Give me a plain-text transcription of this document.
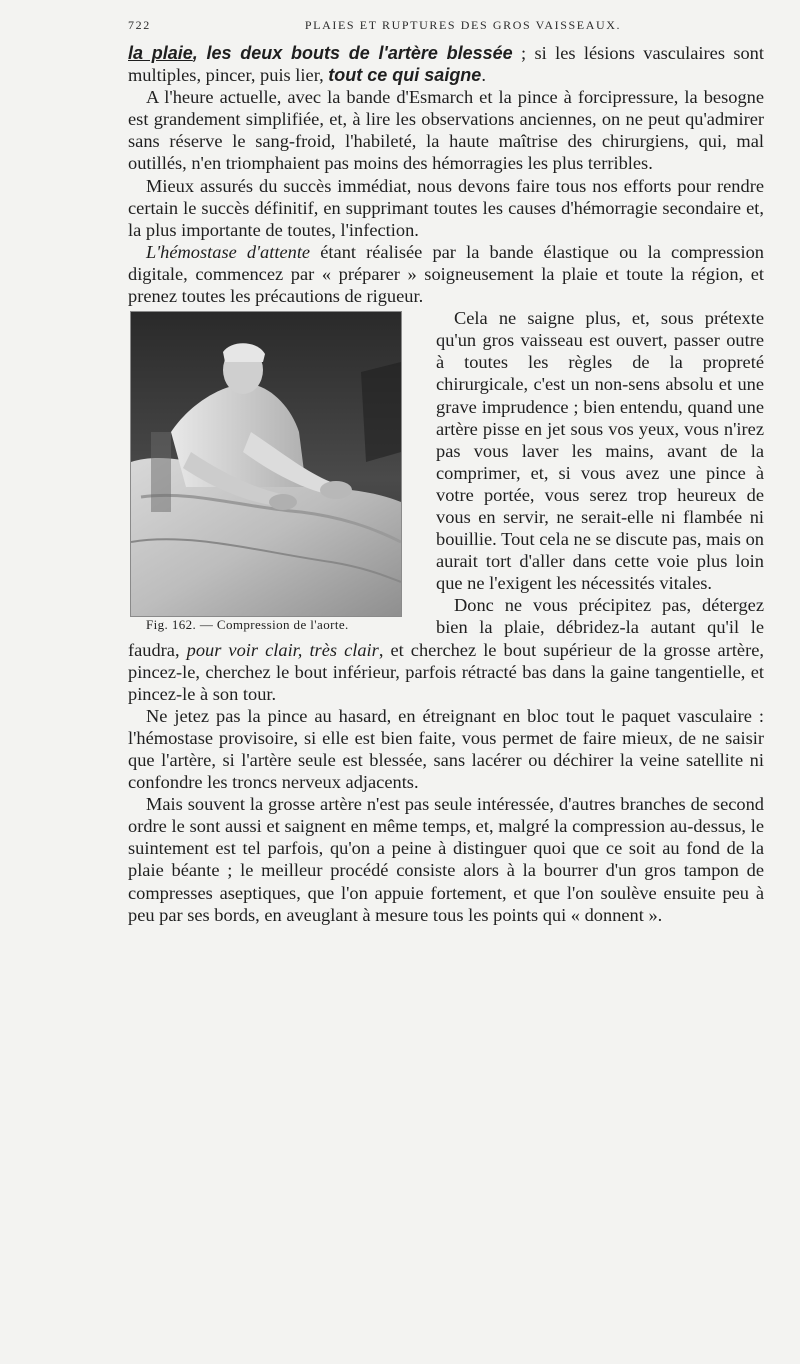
722	PLAIES ET RUPTURES DES GROS VAISSEAUX.

la plaie, les deux bouts de l'artère blessée ; si les lésions vasculaires sont multiples, pincer, puis lier, tout ce qui saigne.

A l'heure actuelle, avec la bande d'Esmarch et la pince à forcipressure, la besogne est grandement simplifiée, et, à lire les observations anciennes, on ne peut qu'admirer sans réserve le sang-froid, l'habileté, la haute maîtrise des chirurgiens, qui, mal outillés, n'en triomphaient pas moins des hémorragies les plus terribles.

Mieux assurés du succès immédiat, nous devons faire tous nos efforts pour rendre certain le succès définitif, en supprimant toutes les causes d'hémorragie secondaire et, la plus importante de toutes, l'infection.

L'hémostase d'attente étant réalisée par la bande élastique ou la compression digitale, commencez par « préparer » soigneusement la plaie et toute la région, et prenez toutes les précautions de rigueur.

Fig. 162. — Compression de l'aorte.

Cela ne saigne plus, et, sous prétexte qu'un gros vaisseau est ouvert, passer outre à toutes les règles de la propreté chirurgicale, c'est un non-sens absolu et une grave imprudence ; bien entendu, quand une artère pisse en jet sous vos yeux, vous n'irez pas vous laver les mains, avant de la comprimer, et, si vous avez une pince à votre portée, vous serez trop heureux de vous en servir, ne serait-elle ni flambée ni bouillie. Tout cela ne se discute pas, mais on aurait tort d'aller dans cette voie plus loin que ne l'exigent les nécessités vitales.

Donc ne vous précipitez pas, détergez bien la plaie, débridez-la autant qu'il le faudra, pour voir clair, très clair, et cherchez le bout supérieur de la grosse artère, pincez-le, cherchez le bout inférieur, parfois rétracté bas dans la gaine tangentielle, et pincez-le à son tour.

Ne jetez pas la pince au hasard, en étreignant en bloc tout le paquet vasculaire : l'hémostase provisoire, si elle est bien faite, vous permet de faire mieux, de ne saisir que l'artère, si l'artère seule est blessée, sans lacérer ou déchirer la veine satellite ni confondre les troncs nerveux adjacents.

Mais souvent la grosse artère n'est pas seule intéressée, d'autres branches de second ordre le sont aussi et saignent en même temps, et, malgré la compression au-dessus, le suintement est tel parfois, qu'on a peine à distinguer quoi que ce soit au fond de la plaie béante ; le meilleur procédé consiste alors à la bourrer d'un gros tampon de compresses aseptiques, que l'on appuie fortement, et que l'on soulève ensuite peu à peu par ses bords, en aveuglant à mesure tous les points qui « donnent ».
